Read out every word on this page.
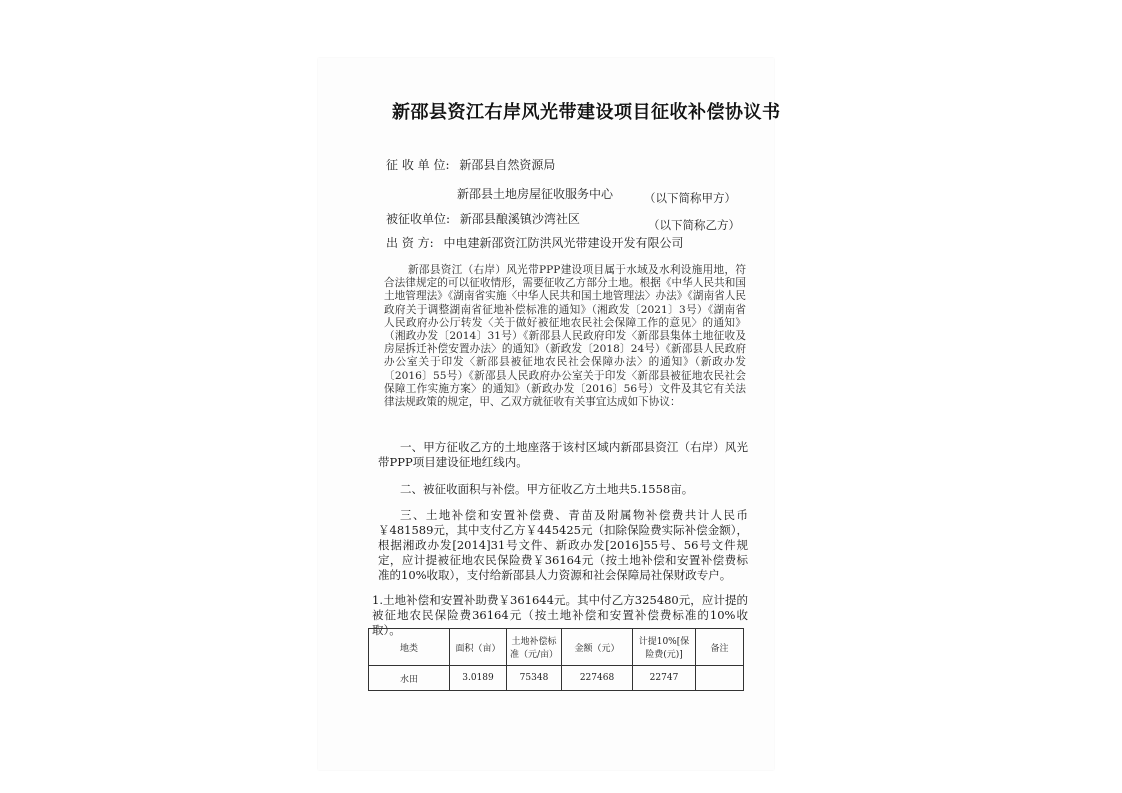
新邵县资江右岸风光带建设项目征收补偿协议书
征 收 单 位: 新邵县自然资源局
新邵县土地房屋征收服务中心	（以下简称甲方）
被征收单位: 新邵县酿溪镇沙湾社区	（以下简称乙方）
出 资 方: 中电建新邵资江防洪风光带建设开发有限公司
新邵县资江（右岸）风光带PPP建设项目属于水域及水利设施用地，符合法律规定的可以征收情形，需要征收乙方部分土地。根据《中华人民共和国土地管理法》《湖南省实施〈中华人民共和国土地管理法〉办法》《湖南省人民政府关于调整湖南省征地补偿标准的通知》（湘政发〔2021〕3号）《湖南省人民政府办公厅转发〈关于做好被征地农民社会保障工作的意见〉的通知》（湘政办发〔2014〕31号）《新邵县人民政府印发〈新邵县集体土地征收及房屋拆迁补偿安置办法〉的通知》（新政发〔2018〕24号）《新邵县人民政府办公室关于印发〈新邵县被征地农民社会保障办法〉的通知》（新政办发〔2016〕55号）《新邵县人民政府办公室关于印发〈新邵县被征地农民社会保障工作实施方案〉的通知》（新政办发〔2016〕56号）文件及其它有关法律法规政策的规定，甲、乙双方就征收有关事宜达成如下协议：
一、甲方征收乙方的土地座落于该村区域内新邵县资江（右岸）风光带PPP项目建设征地红线内。
二、被征收面积与补偿。甲方征收乙方土地共5.1558亩。
三、土地补偿和安置补偿费、青苗及附属物补偿费共计人民币￥481589元，其中支付乙方￥445425元（扣除保险费实际补偿金额），根据湘政办发[2014]31号文件、新政办发[2016]55号、56号文件规定，应计提被征地农民保险费￥36164元（按土地补偿和安置补偿费标准的10%收取），支付给新邵县人力资源和社会保障局社保财政专户。
1.土地补偿和安置补助费￥361644元。其中付乙方325480元，应计提的被征地农民保险费36164元（按土地补偿和安置补偿费标准的10%收取）。
地类	面积（亩）	土地补偿标准（元/亩）	金额（元）	计提10%[保险费(元)]	备注
水田	3.0189	75348	227468	22747	
